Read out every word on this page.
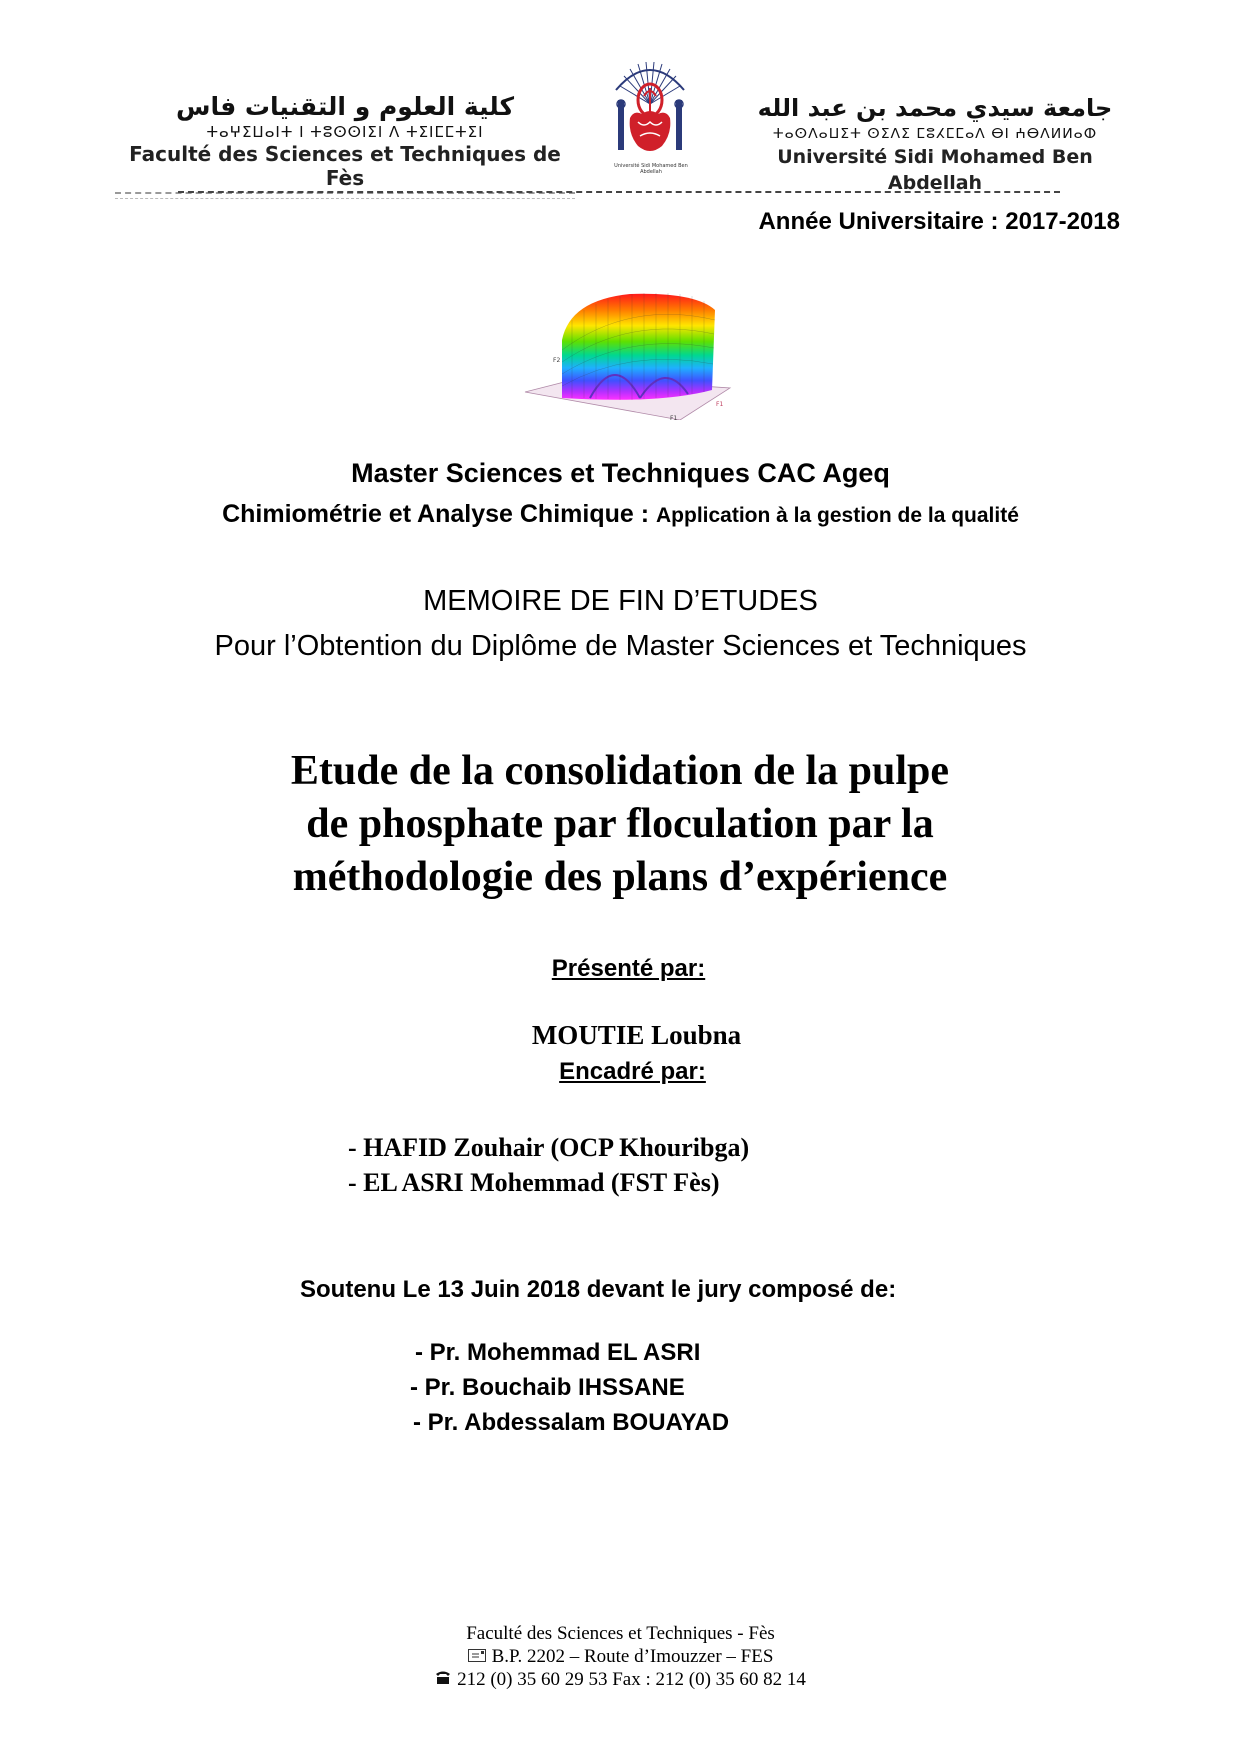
كلية العلوم و التقنيات فاس
ⵜⴰⵖⵉⵡⴰⵏⵜ ⵏ ⵜⵓⵙⵙⵏⵉⵏ ⴷ ⵜⵉⵏⵎⵎⵜⵉⵏ
Faculté des Sciences et Techniques de Fès	Université Sidi Mohamed Ben Abdellah
جامعة سيدي محمد بن عبد الله
ⵜⴰⵙⴷⴰⵡⵉⵜ ⵙⵉⴷⵉ ⵎⵓⵃⵎⵎⴰⴷ ⴱⵏ ⵄⴱⴷⵍⵍⴰⵀ
Université Sidi Mohamed Ben Abdellah
Année Universitaire : 2017-2018
F2
F1
F1
Master Sciences et Techniques CAC Ageq
Chimiométrie et Analyse Chimique : Application à la gestion de la qualité
MEMOIRE DE FIN D’ETUDES
Pour l’Obtention du Diplôme de Master Sciences et Techniques
Etude de la consolidation de la pulpe
de phosphate par floculation par la
méthodologie des plans d’expérience
Présenté par:
MOUTIE Loubna
Encadré par:
- HAFID Zouhair (OCP Khouribga)
- EL ASRI Mohemmad (FST Fès)
Soutenu Le 13 Juin 2018 devant le jury composé de:
- Pr. Mohemmad EL ASRI
- Pr. Bouchaib IHSSANE
- Pr. Abdessalam BOUAYAD
Faculté des Sciences et Techniques - Fès
B.P. 2202 – Route d’Imouzzer – FES
212 (0) 35 60 29 53 Fax : 212 (0) 35 60 82 14
